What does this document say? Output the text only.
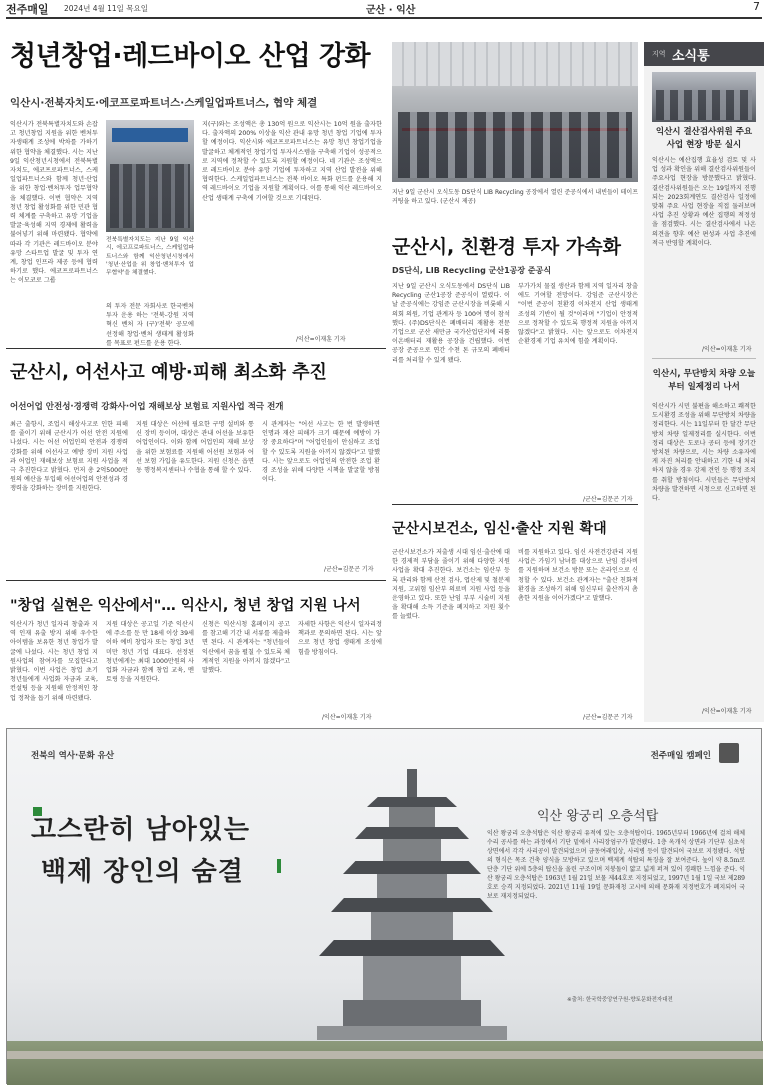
전주매일 2024년 4월 11일 목요일	군산 · 익산	7
청년창업·레드바이오 산업 강화
익산시·전북자치도·에코프로파트너스·스케일업파트너스, 협약 체결
익산시가 전북특별자치도와 손잡고 청년창업 지원을 위한 벤처투자생태계 조성에 박차를 가하기 위한 협약을 체결했다. 시는 지난 9일 익산청년시청에서 전북특별자치도, 에코프로파트너스, 스케일업파트너스와 함께 청년·산업을 위한 창업·벤처투자 업무협약을 체결했다. 이번 협약은 지역 청년 창업 활성화를 위한 민관 협력 체계를 구축하고 유망 기업을 발굴·육성해 지역 경제에 활력을 불어넣기 위해 마련됐다. 협약에 따라 각 기관은 레드바이오 분야 유망 스타트업 발굴 및 투자 연계, 창업 인프라 제공 등에 협력하기로 했다. 에코프로파트너스는 이모코로 그룹
전북특별자치도는 지난 9일 익산시, 에코프로파트너스, 스케일업파트너스와 함께 익산청년시청에서 '청년·산업을 위 창업·벤처투자 업무협약'을 체결했다.
의 투자 전문 자회사로 한국벤처투자 운용 하는 '전북-강원 지역혁신 벤처 자 (구)'전북' 공모에 선정해 창업·벤처 생태계 활성화를 목표로 펀드를 운용 한다.
지(구)와는 조성액은 총 130억 원으로 익산시는 10억 원을 출자한다. 출자액의 200% 이상을 익산 관내 유망 청년 창업 기업에 투자할 예정이다. 익산시와 에코프로파트너스는 유망 청년 창업기업을 발굴하고 체계적인 창업기업 투자시스템을 구축해 기업이 성공적으로 지역에 정착할 수 있도록 지원할 예정이다. 네 기관은 조성액으로 레드바이오 분야 유망 기업에 투자하고 지역 산업 발전을 위해 협력한다. 스케일업파트너스는 전북 바이오 특화 펀드를 운용해 지역 레드바이오 기업을 지원할 계획이다. 이를 통해 익산 레드바이오 산업 생태계 구축에 기여할 것으로 기대된다.
/익산=이재훈 기자
지난 9일 군산시 오식도동 DS단식 LIB Recycling 공장에서 열린 준공식에서 내빈들이 테이프 커팅을 하고 있다. (군산시 제공)
군산시, 친환경 투자 가속화
DS단식, LIB Recycling 군산1공장 준공식
지난 9일 군산시 오식도동에서 DS단식 LIB Recycling 군산1공장 준공식이 열렸다. 이날 준공식에는 강임준 군산시장을 비롯해 시의회 의원, 기업 관계자 등 100여 명이 참석했다. (주)DS단식은 폐배터리 재활용 전문 기업으로 군산 새만금 국가산업단지에 리튬이온배터리 재활용 공장을 건립했다. 이번 공장 준공으로 연간 수천 톤 규모의 폐배터리를 처리할 수 있게 됐다.
부가가치 물질 생산과 함께 지역 일자리 창출에도 기여할 전망이다. 강임준 군산시장은 "이번 준공이 친환경 이차전지 산업 생태계 조성의 기반이 될 것"이라며 "기업이 안정적으로 정착할 수 있도록 행정적 지원을 아끼지 않겠다"고 밝혔다. 시는 앞으로도 이차전지 순환경제 기업 유치에 힘쓸 계획이다.
/군산=김문곤 기자
지역 소식통
익산시 결산검사위원 주요사업 현장 방문 실시
익산시는 예산집행 효율성 검토 및 사업 성과 확인을 위해 결산검사위원들이 주요사업 현장을 방문했다고 밝혔다. 결산검사위원들은 오는 19일까지 진행되는 2023회계연도 결산검사 일정에 맞춰 주요 사업 현장을 직접 둘러보며 사업 추진 상황과 예산 집행의 적정성을 점검했다. 시는 결산검사에서 나온 의견을 향후 예산 편성과 사업 추진에 적극 반영할 계획이다.
/익산=이재훈 기자
익산시, 무단방치 차량 오늘부터 일제정리 나서
익산시가 시민 불편을 해소하고 쾌적한 도시환경 조성을 위해 무단방치 차량을 정리한다. 시는 11일부터 한 달간 무단방치 차량 일제정리를 실시한다. 이번 정리 대상은 도로나 공터 등에 장기간 방치된 차량으로, 시는 차량 소유자에게 자진 처리를 안내하고 기한 내 처리하지 않을 경우 강제 견인 등 행정 조치를 취할 방침이다. 시민들은 무단방치 차량을 발견하면 시청으로 신고하면 된다.
/익산=이재훈 기자
군산시, 어선사고 예방·피해 최소화 추진
어선어업 안전성·경쟁력 강화사·어업 재해보상 보험료 지원사업 적극 전개
최근 출항시, 조업시 해상사고로 인한 피해를 줄이기 위해 군산시가 어선 안전 지원에 나섰다. 시는 어선 어업인의 안전과 경쟁력 강화를 위해 어선사고 예방 장비 지원 사업과 어업인 재해보상 보험료 지원 사업을 적극 추진한다고 밝혔다. 먼저 총 2억5000만원의 예산을 투입해 어선어업의 안전성과 경쟁력을 강화하는 장비를 지원한다.
지원 대상은 어선에 필요한 구명 설비와 통신 장비 등이며, 대상은 관내 어선을 보유한 어업인이다. 이와 함께 어업인의 재해 보상을 위한 보험료를 지원해 어선원 보험과 어선 보험 가입을 유도한다. 지원 신청은 읍면동 행정복지센터나 수협을 통해 할 수 있다.
시 관계자는 "어선 사고는 한 번 발생하면 인명과 재산 피해가 크기 때문에 예방이 가장 중요하다"며 "어업인들이 안심하고 조업할 수 있도록 지원을 아끼지 않겠다"고 말했다. 시는 앞으로도 어업인의 안전한 조업 환경 조성을 위해 다양한 시책을 발굴할 방침이다.
/군산=김문곤 기자
군산시보건소, 임신·출산 지원 확대
군산시보건소가 저출생 시대 임신·출산에 대한 경제적 부담을 줄이기 위해 다양한 지원 사업을 확대 추진한다. 보건소는 임산부 등록 관리와 함께 산전 검사, 엽산제 및 철분제 지원, 고위험 임산부 의료비 지원 사업 등을 운영하고 있다. 또한 난임 부부 시술비 지원을 확대해 소득 기준을 폐지하고 지원 횟수를 늘렸다.
비를 지원하고 있다. 임신 사전건강관리 지원 사업은 가임기 남녀를 대상으로 난임 검사비를 지원하며 보건소 방문 또는 온라인으로 신청할 수 있다. 보건소 관계자는 "출산 친화적 환경을 조성하기 위해 임신부터 출산까지 촘촘한 지원을 이어가겠다"고 말했다.
/군산=김문곤 기자
"창업 실현은 익산에서"… 익산시, 청년 창업 지원 나서
익산시가 청년 일자리 창출과 지역 인재 유출 방지 위해 우수한 아이템을 보유한 청년 창업가 발굴에 나섰다. 시는 청년 창업 지원사업의 참여자를 모집한다고 밝혔다. 이번 사업은 창업 초기 청년들에게 사업화 자금과 교육, 컨설팅 등을 지원해 안정적인 창업 정착을 돕기 위해 마련됐다.
지원 대상은 공고일 기준 익산시에 주소를 둔 만 18세 이상 39세 이하 예비 창업자 또는 창업 3년 미만 청년 기업 대표다. 선정된 청년에게는 최대 1000만원의 사업화 자금과 함께 창업 교육, 멘토링 등을 지원한다.
신청은 익산시청 홈페이지 공고를 참고해 기간 내 서류를 제출하면 된다. 시 관계자는 "청년들이 익산에서 꿈을 펼칠 수 있도록 체계적인 지원을 아끼지 않겠다"고 말했다.
자세한 사항은 익산시 일자리정책과로 문의하면 된다. 시는 앞으로 청년 창업 생태계 조성에 힘쓸 방침이다.
/익산=이재훈 기자
전북의 역사·문화 유산	전주매일 캠페인
고스란히 남아있는
백제 장인의 숨결
익산 왕궁리 오층석탑
익산 왕궁리 오층석탑은 익산 왕궁리 유적에 있는 오층석탑이다. 1965년부터 1966년에 걸쳐 해체 수리 공사를 하는 과정에서 기단 밑에서 사리장엄구가 발견됐다. 1층 옥개석 상면과 기단부 심초석 상면에서 각각 사리공이 발견되었으며 금동여래입상, 사리병 등이 발견되어 국보로 지정됐다. 석탑의 형식은 목조 건축 양식을 모방하고 있으며 백제계 석탑의 특징을 잘 보여준다. 높이 약 8.5m로 단층 기단 위에 5층의 탑신을 올린 구조이며 지붕돌이 얇고 넓게 퍼져 있어 경쾌한 느낌을 준다. 익산 왕궁리 오층석탑은 1963년 1월 21일 보물 제44호로 지정되었고, 1997년 1월 1일 국보 제289호로 승격 지정되었다. 2021년 11월 19일 문화재청 고시에 의해 문화재 지정번호가 폐지되어 국보로 재지정되었다.
※출처: 한국학중앙연구원-향토문화전자대전
